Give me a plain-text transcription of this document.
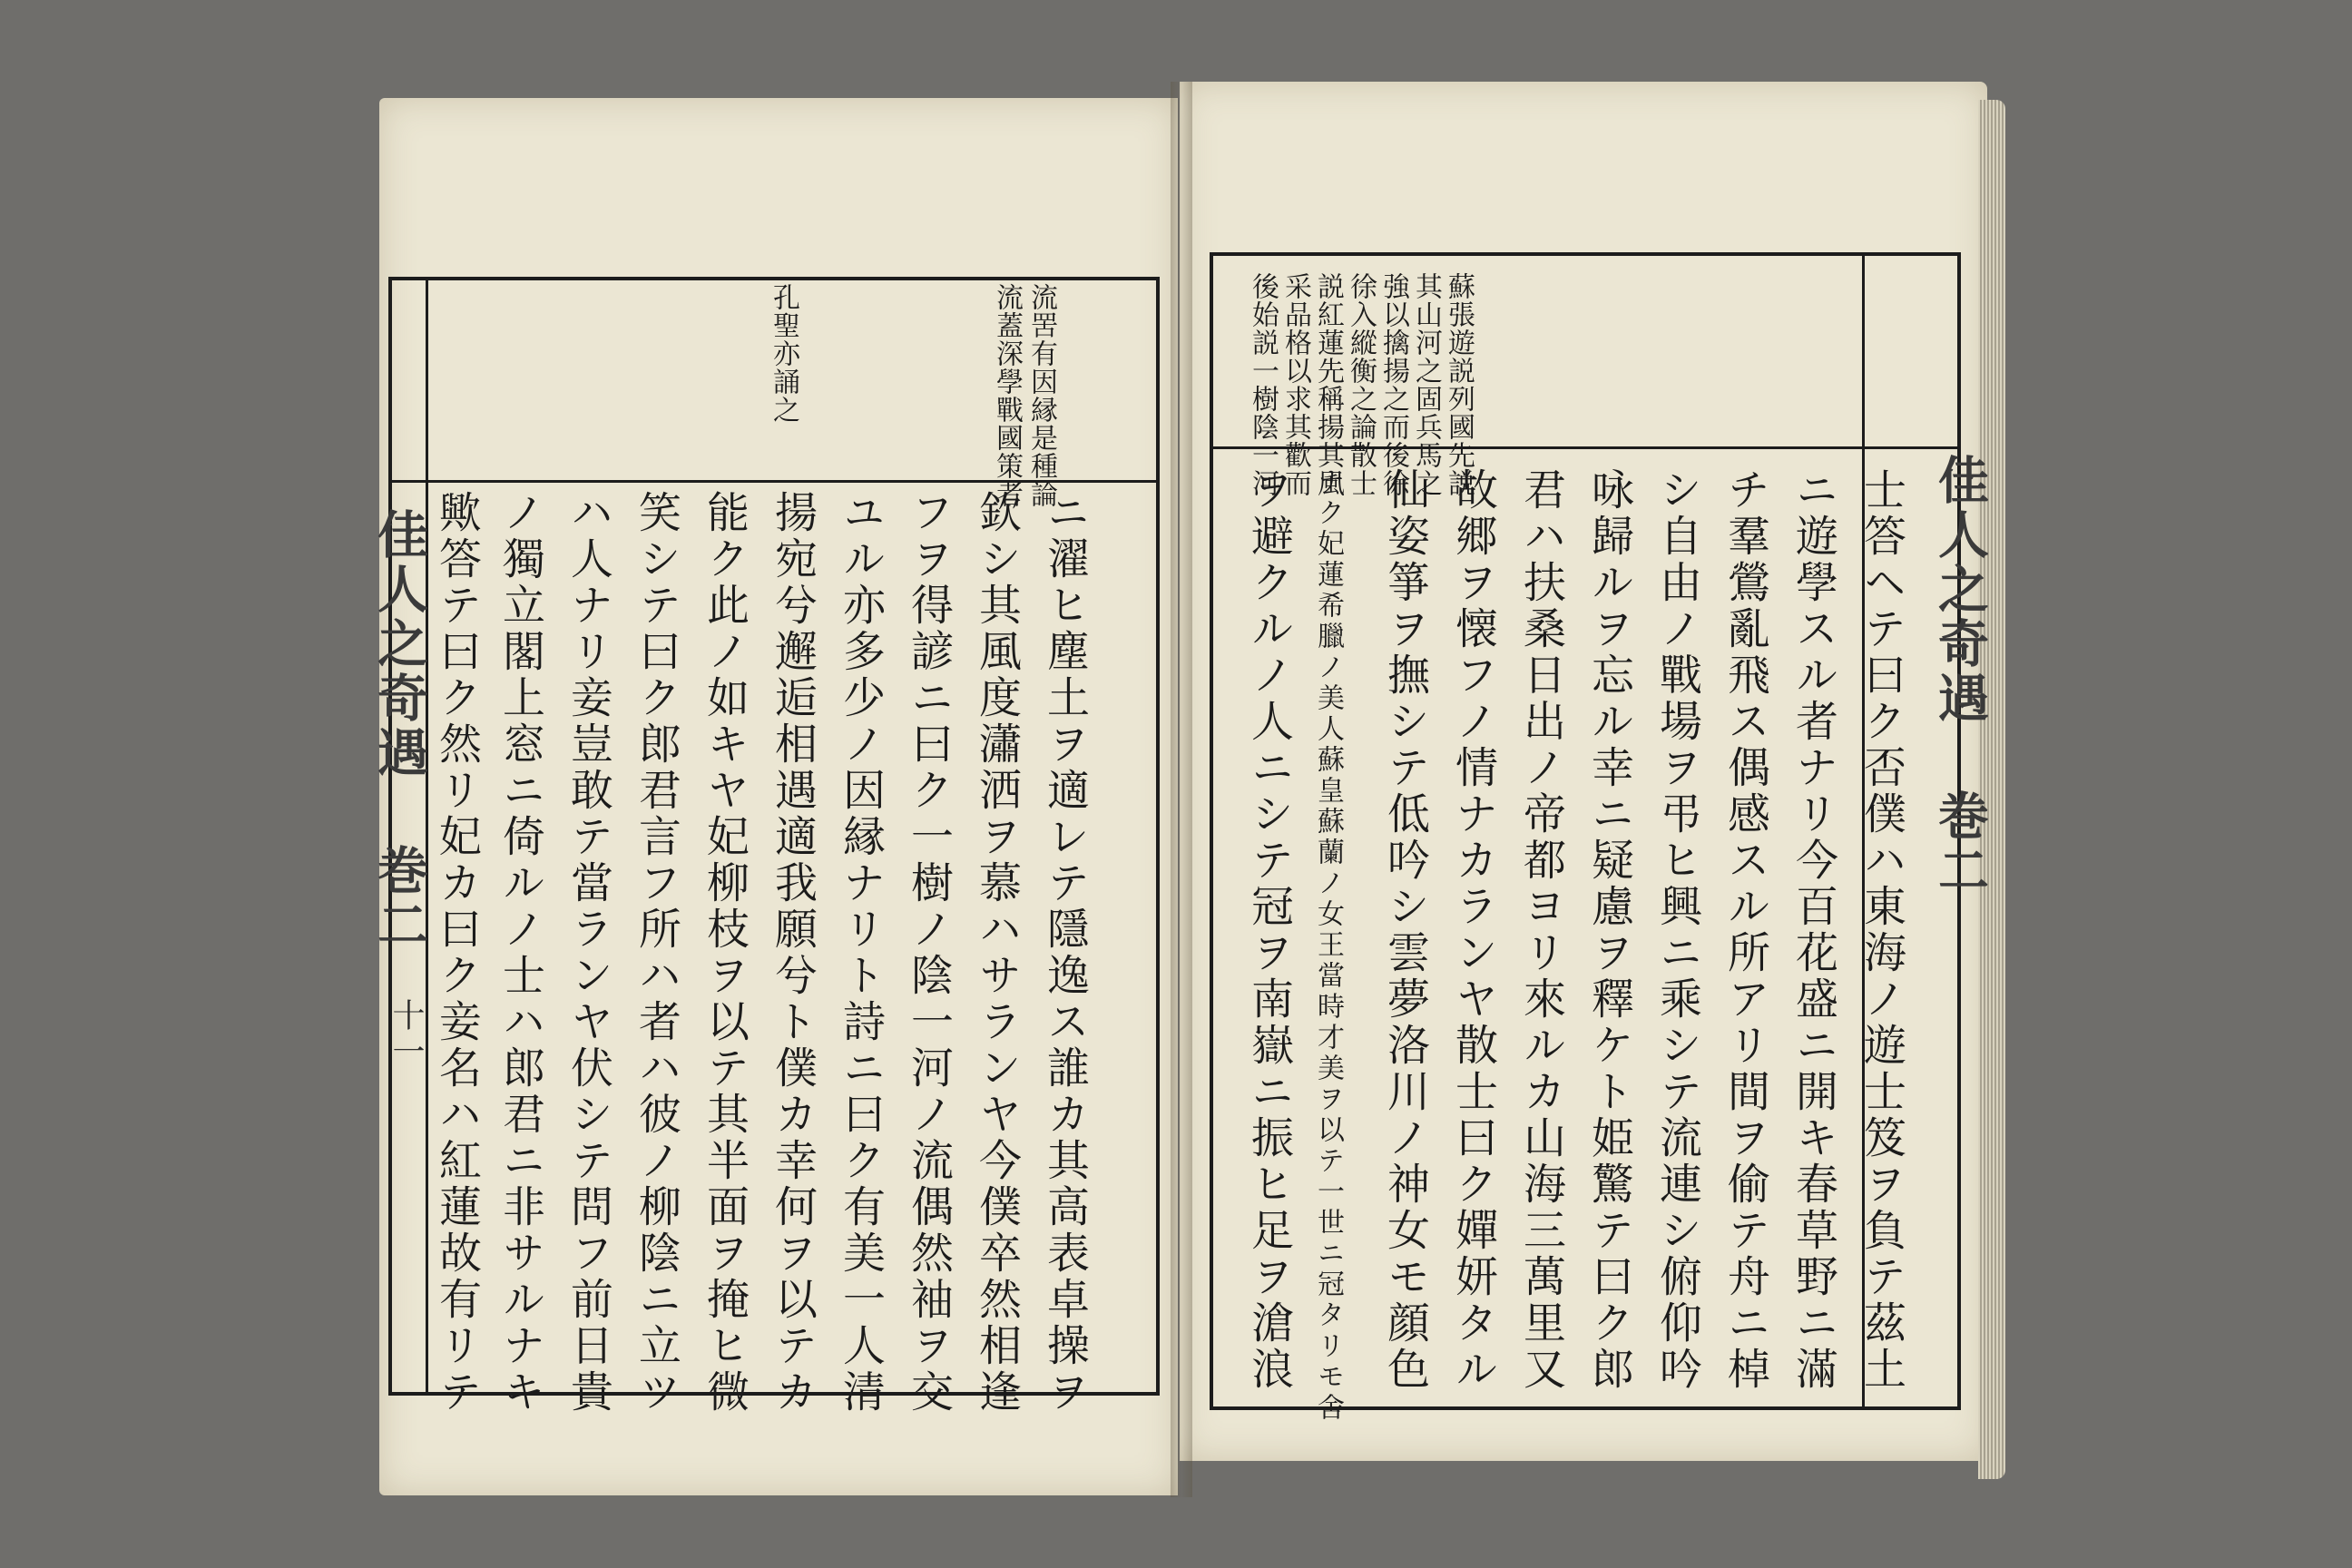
流罟有因縁是種論
流蓋深學戰國策者
孔聖亦誦之
ニ濯ヒ塵土ヲ適レテ隱逸ス誰カ其高表卓操ヲ
欽シ其風度瀟洒ヲ慕ハサランヤ今僕卒然相逢
フヲ得諺ニ曰ク一樹ノ陰一河ノ流偶然袖ヲ交
ユル亦多少ノ因縁ナリト詩ニ曰ク有美一人清
揚宛兮邂逅相遇適我願兮ト僕カ幸何ヲ以テカ
能ク此ノ如キヤ妃柳枝ヲ以テ其半面ヲ掩ヒ微
笑シテ曰ク郎君言フ所ハ者ハ彼ノ柳陰ニ立ツ
ハ人ナリ妾豈敢テ當ランヤ伏シテ問フ前日貴
ノ獨立閣上窓ニ倚ルノ士ハ郎君ニ非サルナキ
歟答テ曰ク然リ妃カ曰ク妾名ハ紅蓮故有リテ
佳人之奇遇 巻二
十一
蘇張遊説列國先説
其山河之固兵馬之
強以擒揚之而後徐
徐入縱衡之論散士
説紅蓮先稱揚其風
采品格以求其歡而
後始説一樹陰一河
士答ヘテ曰ク否僕ハ東海ノ遊士笈ヲ負テ茲土
ニ遊學スル者ナリ今百花盛ニ開キ春草野ニ滿
チ羣鶯亂飛ス偶感スル所アリ間ヲ偷テ舟ニ棹
シ自由ノ戰場ヲ弔ヒ興ニ乘シテ流連シ俯仰吟
咏歸ルヲ忘ル幸ニ疑慮ヲ釋ケト姫驚テ曰ク郎
君ハ扶桑日出ノ帝都ヨリ來ルカ山海三萬里又
故郷ヲ懐フノ情ナカランヤ散士曰ク嬋妍タル
仙姿箏ヲ撫シテ低吟シ雲夢洛川ノ神女モ顔色
ナク妃蓮希臘ノ美人蘇皇蘇蘭ノ女王當時才美ヲ以テ一世ニ冠タリモ舍
ヲ避クルノ人ニシテ冠ヲ南嶽ニ振ヒ足ヲ滄浪	佳人之奇遇 巻二
